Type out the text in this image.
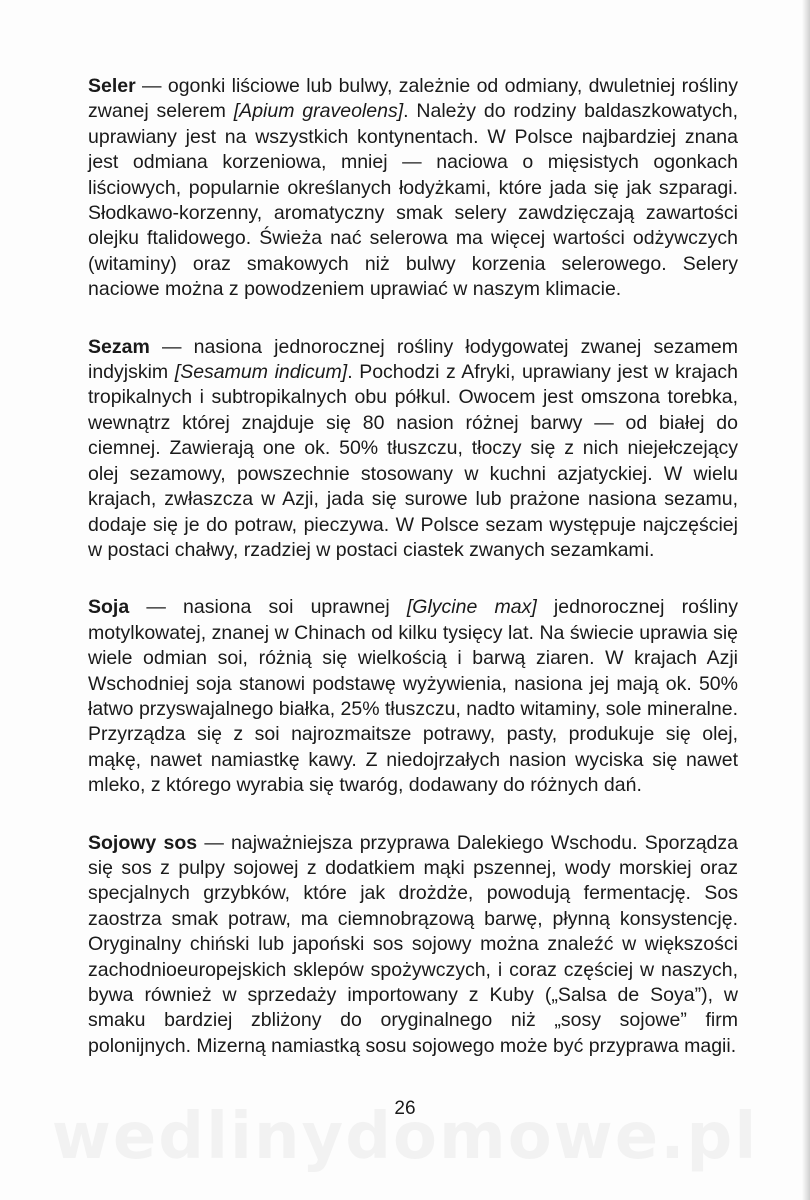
Seler — ogonki liściowe lub bulwy, zależnie od odmiany, dwuletniej rośliny zwanej selerem [Apium graveolens]. Należy do rodziny baldaszkowatych, uprawiany jest na wszystkich kontynentach. W Polsce najbardziej znana jest odmiana korzeniowa, mniej — naciowa o mięsistych ogonkach liściowych, popularnie określanych łodyżkami, które jada się jak szparagi. Słodkawo-korzenny, aromatyczny smak selery zawdzięczają zawartości olejku ftalidowego. Świeża nać selerowa ma więcej wartości odżywczych (witaminy) oraz smakowych niż bulwy korzenia selerowego. Selery naciowe można z powodzeniem uprawiać w naszym klimacie.

Sezam — nasiona jednorocznej rośliny łodygowatej zwanej sezamem indyjskim [Sesamum indicum]. Pochodzi z Afryki, uprawiany jest w krajach tropikalnych i subtropikalnych obu półkul. Owocem jest omszona torebka, wewnątrz której znajduje się 80 nasion różnej barwy — od białej do ciemnej. Zawierają one ok. 50% tłuszczu, tłoczy się z nich niejełczejący olej sezamowy, powszechnie stosowany w kuchni azjatyckiej. W wielu krajach, zwłaszcza w Azji, jada się surowe lub prażone nasiona sezamu, dodaje się je do potraw, pieczywa. W Polsce sezam występuje najczęściej w postaci chałwy, rzadziej w postaci ciastek zwanych sezamkami.

Soja — nasiona soi uprawnej [Glycine max] jednorocznej rośliny motylkowatej, znanej w Chinach od kilku tysięcy lat. Na świecie uprawia się wiele odmian soi, różnią się wielkością i barwą ziaren. W krajach Azji Wschodniej soja stanowi podstawę wyżywienia, nasiona jej mają ok. 50% łatwo przyswajalnego białka, 25% tłuszczu, nadto witaminy, sole mineralne. Przyrządza się z soi najrozmaitsze potrawy, pasty, produkuje się olej, mąkę, nawet namiastkę kawy. Z niedojrzałych nasion wyciska się nawet mleko, z którego wyrabia się twaróg, dodawany do różnych dań.

Sojowy sos — najważniejsza przyprawa Dalekiego Wschodu. Sporządza się sos z pulpy sojowej z dodatkiem mąki pszennej, wody morskiej oraz specjalnych grzybków, które jak drożdże, powodują fermentację. Sos zaostrza smak potraw, ma ciemnobrązową barwę, płynną konsystencję. Oryginalny chiński lub japoński sos sojowy można znaleźć w większości zachodnioeuropejskich sklepów spożywczych, i coraz częściej w naszych, bywa również w sprzedaży importowany z Kuby („Salsa de Soya”), w smaku bardziej zbliżony do oryginalnego niż „sosy sojowe” firm polonijnych. Mizerną namiastką sosu sojowego może być przyprawa magii.

26
